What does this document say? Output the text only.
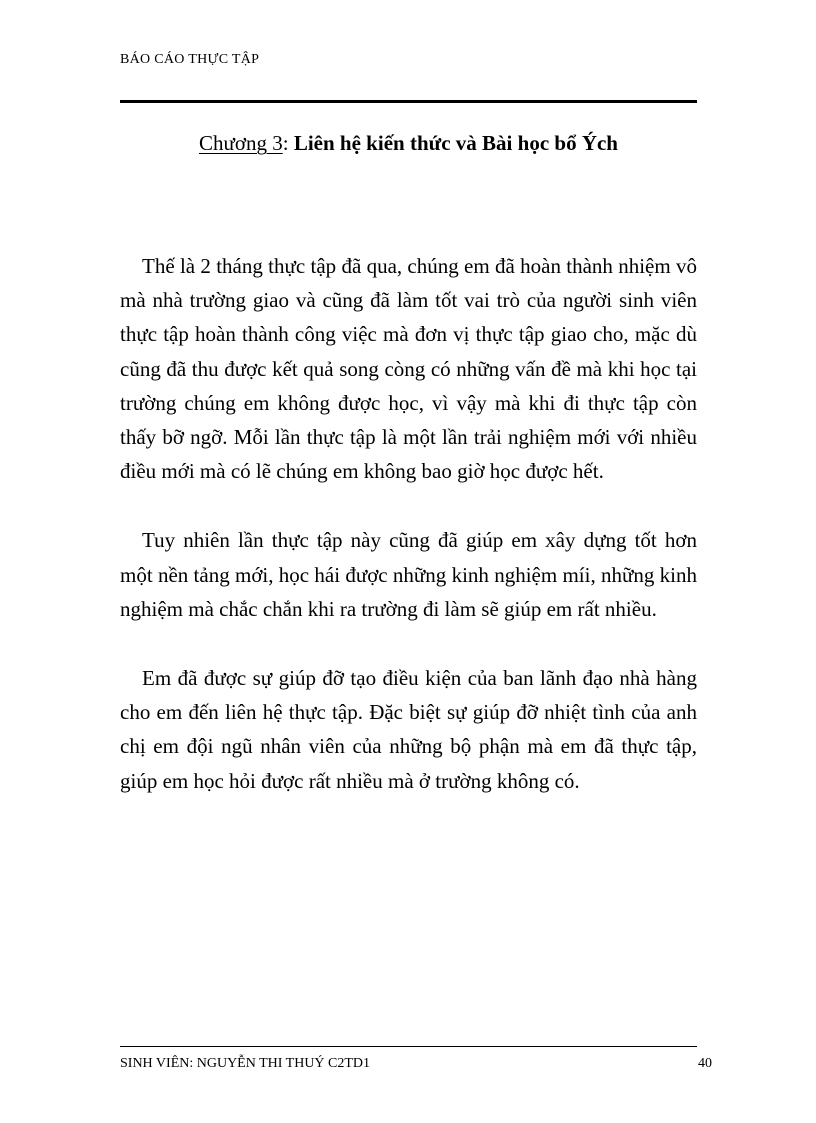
BÁO CÁO THỰC TẬP
Chương 3: Liên hệ kiến thức và Bài học bổ Ých

Thế là 2 tháng thực tập đã qua, chúng em đã hoàn thành nhiệm vô mà nhà trường giao và cũng đã làm tốt vai trò của người sinh viên thực tập hoàn thành công việc mà đơn vị thực tập giao cho, mặc dù cũng đã thu được kết quả song còng có những vấn đề mà khi học tại trường chúng em không được học, vì vậy mà khi đi thực tập còn thấy bỡ ngỡ. Mỗi lần thực tập là một lần trải nghiệm mới với nhiều điều mới mà có lẽ chúng em không bao giờ học được hết.

Tuy nhiên lần thực tập này cũng đã giúp em xây dựng tốt hơn một nền tảng mới, học hái được những kinh nghiệm míi, những kinh nghiệm mà chắc chắn khi ra trường đi làm sẽ giúp em rất nhiều.

Em đã được sự giúp đỡ tạo điều kiện của ban lãnh đạo nhà hàng cho em đến liên hệ thực tập. Đặc biệt sự giúp đỡ nhiệt tình của anh chị em đội ngũ nhân viên của những bộ phận mà em đã thực tập, giúp em học hỏi được rất nhiều mà ở trường không có.

SINH VIÊN: NGUYỄN THI THUÝ C2TD1	40
